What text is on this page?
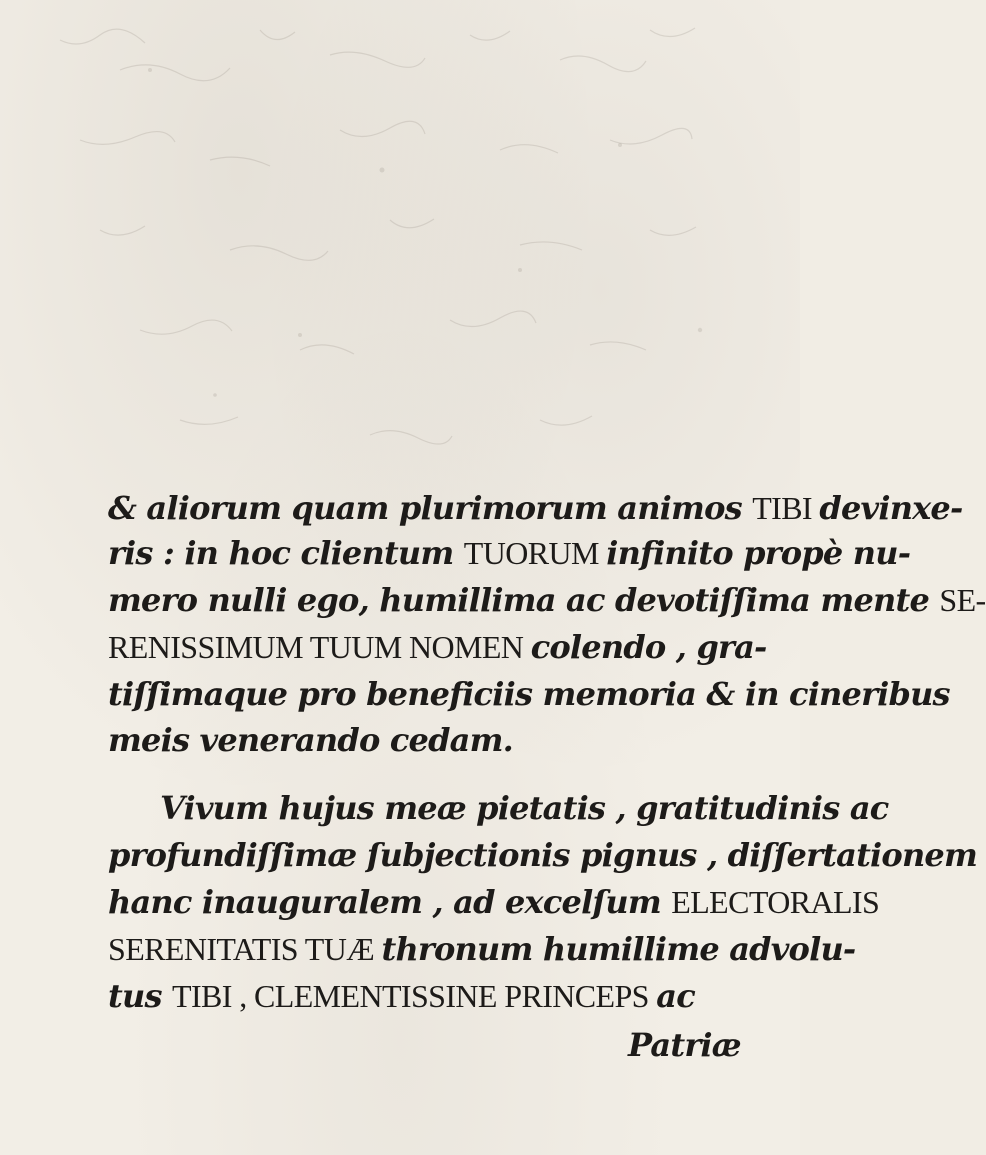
& aliorum quam plurimorum animos TIBI devinxe-
ris : in hoc clientum TUORUM infinito propè nu-
mero nulli ego, humillima ac devotiſſima mente SE-
RENISSIMUM TUUM NOMEN colendo , gra-
tiſſimaque pro beneficiis memoria & in cineribus
meis venerando cedam.
Vivum hujus meæ pietatis , gratitudinis ac
profundiſſimæ ſubjectionis pignus , diſſertationem
hanc inauguralem , ad excelſum ELECTORALIS
SERENITATIS TUÆ thronum humillime advolu-
tus TIBI , CLEMENTISSINE PRINCEPS ac
Patriæ
